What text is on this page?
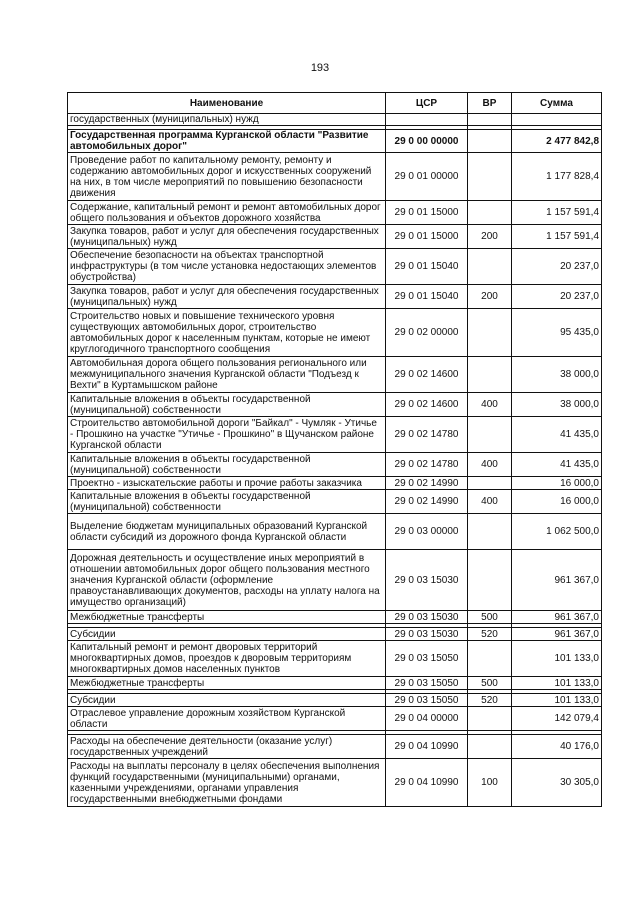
193
Наименование	ЦСР	ВР	Сумма
государственных (муниципальных) нужд			

Государственная программа Курганской области "Развитие автомобильных дорог"	29 0 00 00000		2 477 842,8
Проведение работ по капитальному ремонту, ремонту и содержанию автомобильных дорог и искусственных сооружений на них, в том числе мероприятий по повышению безопасности движения	29 0 01 00000		1 177 828,4
Содержание, капитальный ремонт и ремонт автомобильных дорог общего пользования и объектов дорожного хозяйства	29 0 01 15000		1 157 591,4
Закупка товаров, работ и услуг для обеспечения государственных (муниципальных) нужд	29 0 01 15000	200	1 157 591,4
Обеспечение безопасности на объектах транспортной инфраструктуры (в том числе установка недостающих элементов обустройства)	29 0 01 15040		20 237,0
Закупка товаров, работ и услуг для обеспечения государственных (муниципальных) нужд	29 0 01 15040	200	20 237,0
Строительство новых и повышение технического уровня существующих автомобильных дорог, строительство автомобильных дорог к населенным пунктам, которые не имеют круглогодичного транспортного сообщения	29 0 02 00000		95 435,0
Автомобильная дорога общего пользования регионального или межмуниципального значения Курганской области "Подъезд к Вехти" в Куртамышском районе	29 0 02 14600		38 000,0
Капитальные вложения в объекты государственной (муниципальной) собственности	29 0 02 14600	400	38 000,0
Строительство автомобильной дороги "Байкал" - Чумляк - Утичье - Прошкино на участке "Утичье - Прошкино" в Щучанском районе Курганской области	29 0 02 14780		41 435,0
Капитальные вложения в объекты государственной (муниципальной) собственности	29 0 02 14780	400	41 435,0
Проектно - изыскательские работы и прочие работы заказчика	29 0 02 14990		16 000,0
Капитальные вложения в объекты государственной (муниципальной) собственности	29 0 02 14990	400	16 000,0
Выделение бюджетам муниципальных образований Курганской области субсидий из дорожного фонда Курганской области	29 0 03 00000		1 062 500,0
Дорожная деятельность и осуществление иных мероприятий в отношении автомобильных дорог общего пользования местного значения Курганской области (оформление правоустанавливающих документов, расходы на уплату налога на имущество организаций)	29 0 03 15030		961 367,0
Межбюджетные трансферты	29 0 03 15030	500	961 367,0

Субсидии	29 0 03 15030	520	961 367,0
Капитальный ремонт и ремонт дворовых территорий многоквартирных домов, проездов к дворовым территориям многоквартирных домов населенных пунктов	29 0 03 15050		101 133,0
Межбюджетные трансферты	29 0 03 15050	500	101 133,0

Субсидии	29 0 03 15050	520	101 133,0
Отраслевое управление дорожным хозяйством Курганской области	29 0 04 00000		142 079,4

Расходы на обеспечение деятельности (оказание услуг) государственных учреждений	29 0 04 10990		40 176,0
Расходы на выплаты персоналу в целях обеспечения выполнения функций государственными (муниципальными) органами, казенными учреждениями, органами управления государственными внебюджетными фондами	29 0 04 10990	100	30 305,0
